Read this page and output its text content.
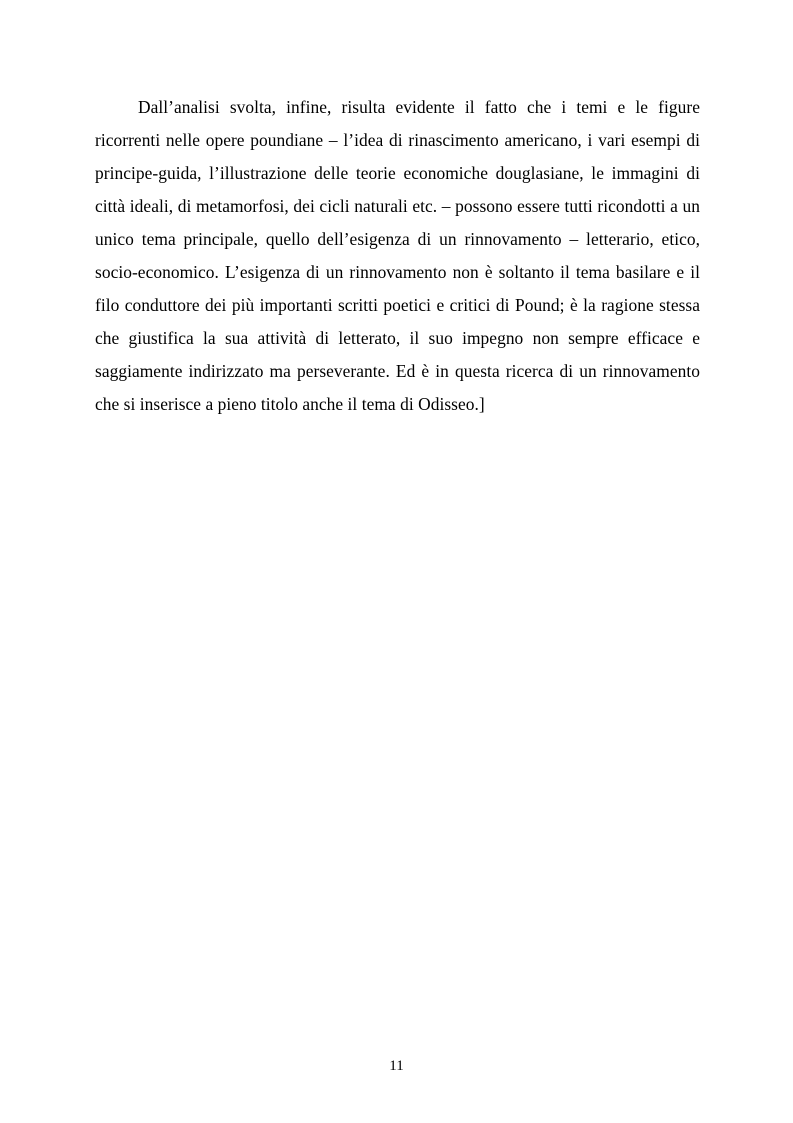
Dall’analisi svolta, infine, risulta evidente il fatto che i temi e le figure ricorrenti nelle opere poundiane – l’idea di rinascimento americano, i vari esempi di principe-guida, l’illustrazione delle teorie economiche douglasiane, le immagini di città ideali, di metamorfosi, dei cicli naturali etc. – possono essere tutti ricondotti a un unico tema principale, quello dell’esigenza di un rinnovamento – letterario, etico, socio-economico. L’esigenza di un rinnovamento non è soltanto il tema basilare e il filo conduttore dei più importanti scritti poetici e critici di Pound; è la ragione stessa che giustifica la sua attività di letterato, il suo impegno non sempre efficace e saggiamente indirizzato ma perseverante. Ed è in questa ricerca di un rinnovamento che si inserisce a pieno titolo anche il tema di Odisseo.]

11
